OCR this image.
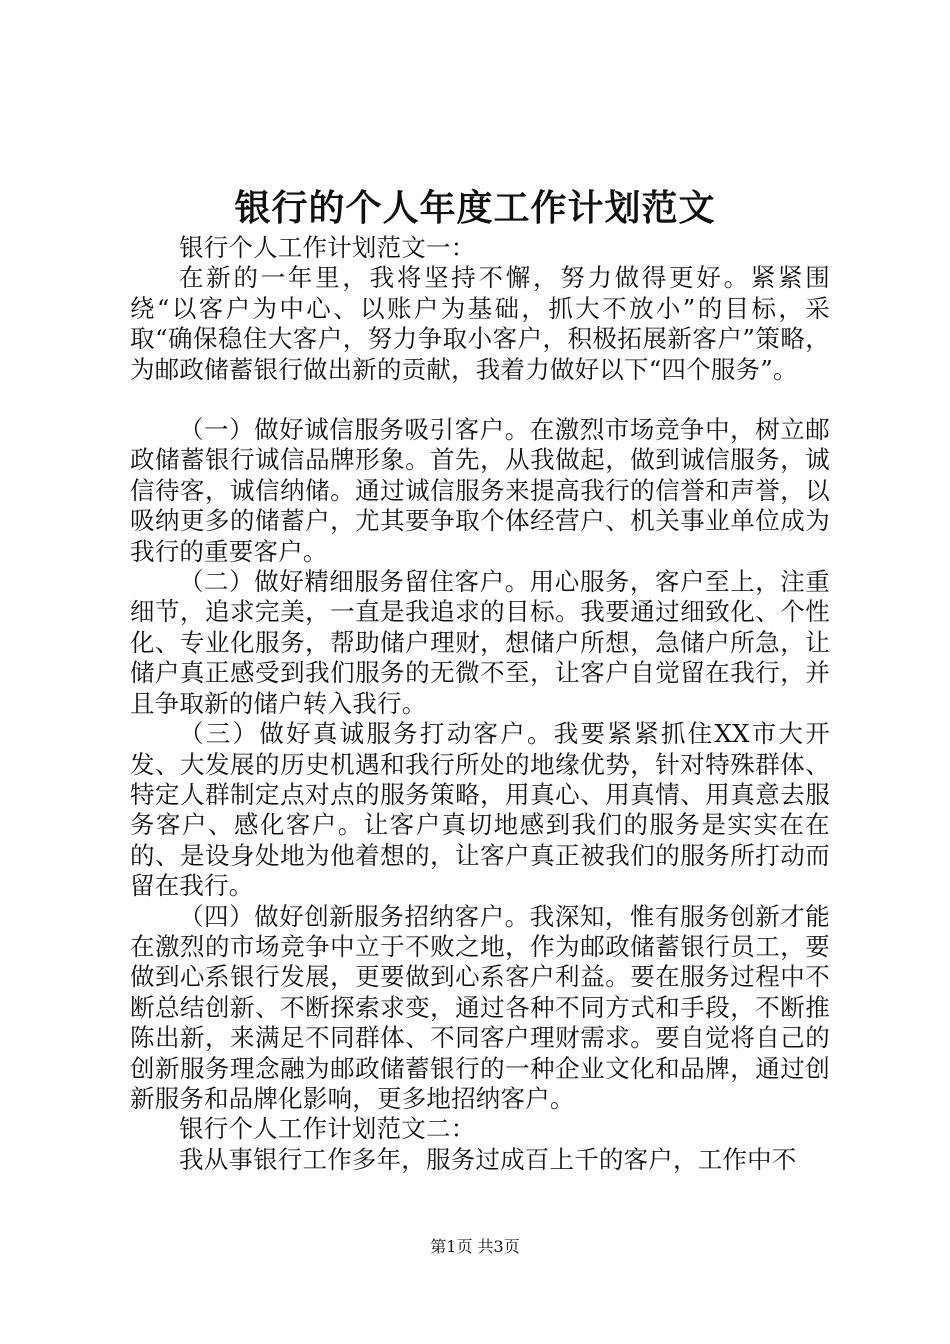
银行的个人年度工作计划范文

银行个人工作计划范文一：

在新的一年里，我将坚持不懈，努力做得更好。紧紧围绕“以客户为中心、以账户为基础，抓大不放小”的目标，采取“确保稳住大客户，努力争取小客户，积极拓展新客户”策略，为邮政储蓄银行做出新的贡献，我着力做好以下“四个服务”。

（一）做好诚信服务吸引客户。在激烈市场竞争中，树立邮政储蓄银行诚信品牌形象。首先，从我做起，做到诚信服务，诚信待客，诚信纳储。通过诚信服务来提高我行的信誉和声誉，以吸纳更多的储蓄户，尤其要争取个体经营户、机关事业单位成为我行的重要客户。

（二）做好精细服务留住客户。用心服务，客户至上，注重细节，追求完美，一直是我追求的目标。我要通过细致化、个性化、专业化服务，帮助储户理财，想储户所想，急储户所急，让储户真正感受到我们服务的无微不至，让客户自觉留在我行，并且争取新的储户转入我行。

（三）做好真诚服务打动客户。我要紧紧抓住XX市大开发、大发展的历史机遇和我行所处的地缘优势，针对特殊群体、特定人群制定点对点的服务策略，用真心、用真情、用真意去服务客户、感化客户。让客户真切地感到我们的服务是实实在在的、是设身处地为他着想的，让客户真正被我们的服务所打动而留在我行。

（四）做好创新服务招纳客户。我深知，惟有服务创新才能在激烈的市场竞争中立于不败之地，作为邮政储蓄银行员工，要做到心系银行发展，更要做到心系客户利益。要在服务过程中不断总结创新、不断探索求变，通过各种不同方式和手段，不断推陈出新，来满足不同群体、不同客户理财需求。要自觉将自己的创新服务理念融为邮政储蓄银行的一种企业文化和品牌，通过创新服务和品牌化影响，更多地招纳客户。

银行个人工作计划范文二：

我从事银行工作多年，服务过成百上千的客户，工作中不

第1页 共3页
